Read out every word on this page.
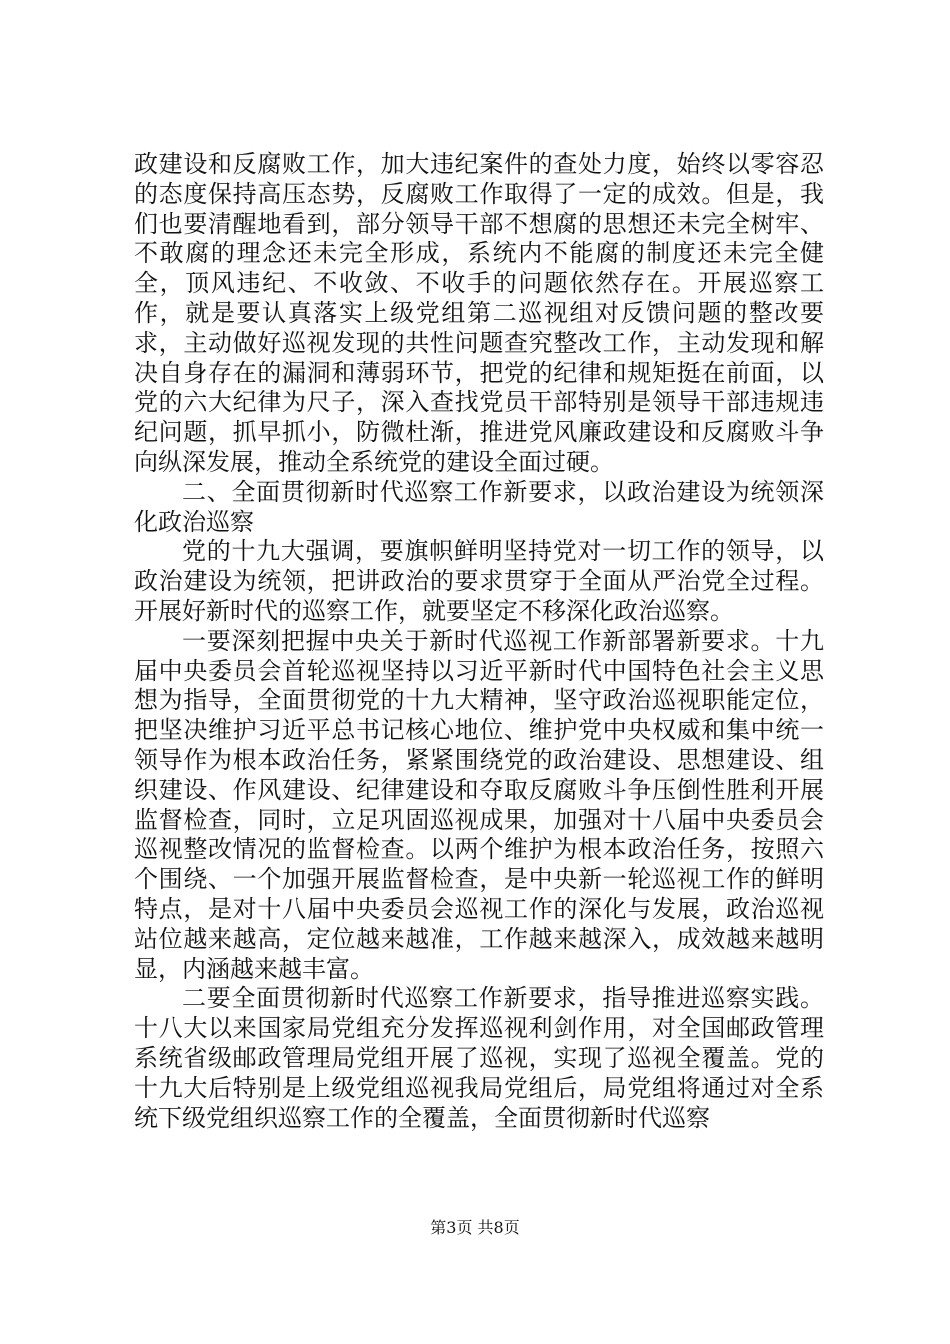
政建设和反腐败工作，加大违纪案件的查处力度，始终以零容忍的态度保持高压态势，反腐败工作取得了一定的成效。但是，我们也要清醒地看到，部分领导干部不想腐的思想还未完全树牢、不敢腐的理念还未完全形成，系统内不能腐的制度还未完全健全，顶风违纪、不收敛、不收手的问题依然存在。开展巡察工作，就是要认真落实上级党组第二巡视组对反馈问题的整改要求，主动做好巡视发现的共性问题查究整改工作，主动发现和解决自身存在的漏洞和薄弱环节，把党的纪律和规矩挺在前面，以党的六大纪律为尺子，深入查找党员干部特别是领导干部违规违纪问题，抓早抓小，防微杜渐，推进党风廉政建设和反腐败斗争向纵深发展，推动全系统党的建设全面过硬。

二、全面贯彻新时代巡察工作新要求，以政治建设为统领深化政治巡察

党的十九大强调，要旗帜鲜明坚持党对一切工作的领导，以政治建设为统领，把讲政治的要求贯穿于全面从严治党全过程。开展好新时代的巡察工作，就要坚定不移深化政治巡察。

一要深刻把握中央关于新时代巡视工作新部署新要求。十九届中央委员会首轮巡视坚持以习近平新时代中国特色社会主义思想为指导，全面贯彻党的十九大精神，坚守政治巡视职能定位，把坚决维护习近平总书记核心地位、维护党中央权威和集中统一领导作为根本政治任务，紧紧围绕党的政治建设、思想建设、组织建设、作风建设、纪律建设和夺取反腐败斗争压倒性胜利开展监督检查，同时，立足巩固巡视成果，加强对十八届中央委员会巡视整改情况的监督检查。以两个维护为根本政治任务，按照六个围绕、一个加强开展监督检查，是中央新一轮巡视工作的鲜明特点，是对十八届中央委员会巡视工作的深化与发展，政治巡视站位越来越高，定位越来越准，工作越来越深入，成效越来越明显，内涵越来越丰富。

二要全面贯彻新时代巡察工作新要求，指导推进巡察实践。十八大以来国家局党组充分发挥巡视利剑作用，对全国邮政管理系统省级邮政管理局党组开展了巡视，实现了巡视全覆盖。党的十九大后特别是上级党组巡视我局党组后，局党组将通过对全系统下级党组织巡察工作的全覆盖，全面贯彻新时代巡察

第3页 共8页
